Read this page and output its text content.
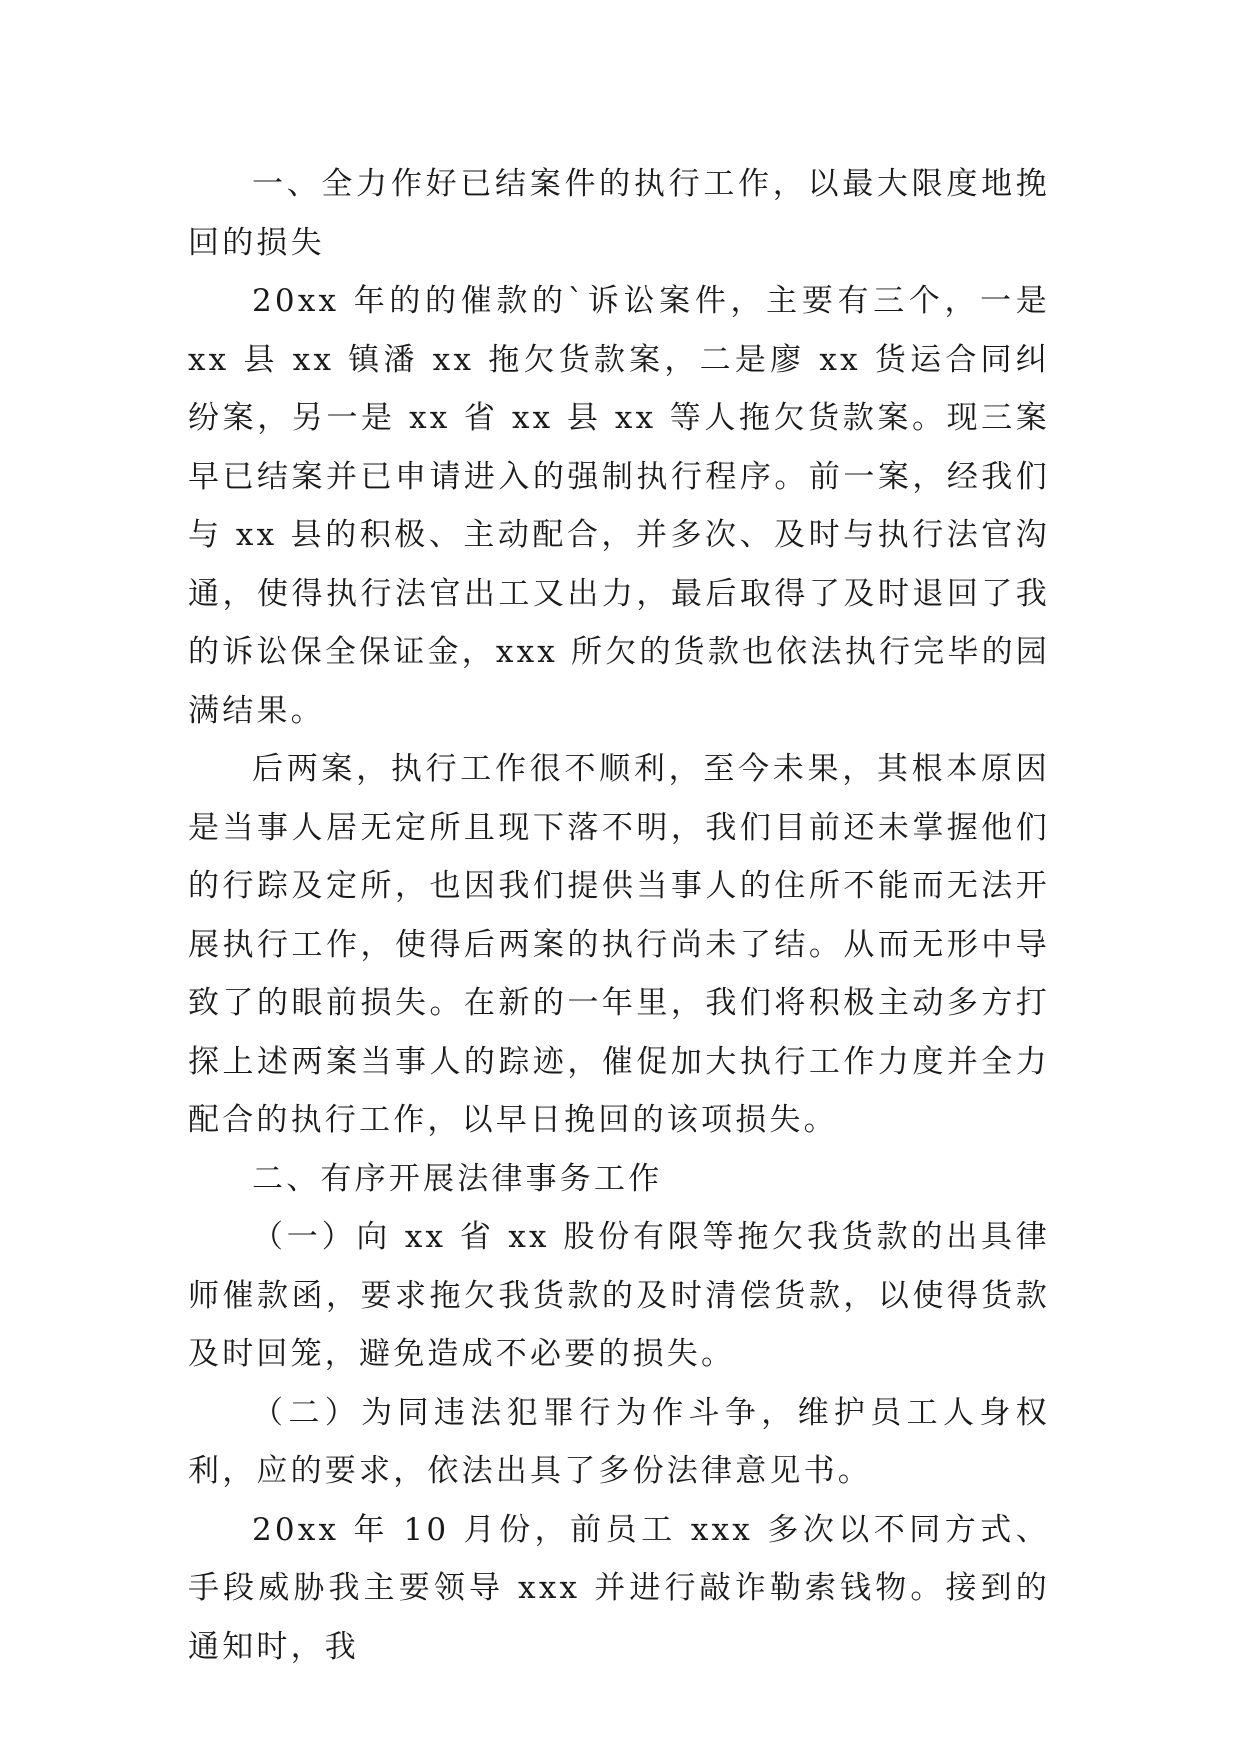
一、全力作好已结案件的执行工作，以最大限度地挽回的损失

20xx 年的的催款的`诉讼案件，主要有三个，一是 xx 县 xx 镇潘 xx 拖欠货款案，二是廖 xx 货运合同纠纷案，另一是 xx 省 xx 县 xx 等人拖欠货款案。现三案早已结案并已申请进入的强制执行程序。前一案，经我们与 xx 县的积极、主动配合，并多次、及时与执行法官沟通，使得执行法官出工又出力，最后取得了及时退回了我的诉讼保全保证金，xxx 所欠的货款也依法执行完毕的园满结果。

后两案，执行工作很不顺利，至今未果，其根本原因是当事人居无定所且现下落不明，我们目前还未掌握他们的行踪及定所，也因我们提供当事人的住所不能而无法开展执行工作，使得后两案的执行尚未了结。从而无形中导致了的眼前损失。在新的一年里，我们将积极主动多方打探上述两案当事人的踪迹，催促加大执行工作力度并全力配合的执行工作，以早日挽回的该项损失。

二、有序开展法律事务工作

（一）向 xx 省 xx 股份有限等拖欠我货款的出具律师催款函，要求拖欠我货款的及时清偿货款，以使得货款及时回笼，避免造成不必要的损失。

（二）为同违法犯罪行为作斗争，维护员工人身权利，应的要求，依法出具了多份法律意见书。

20xx 年 10 月份，前员工 xxx 多次以不同方式、手段威胁我主要领导 xxx 并进行敲诈勒索钱物。接到的通知时，我
